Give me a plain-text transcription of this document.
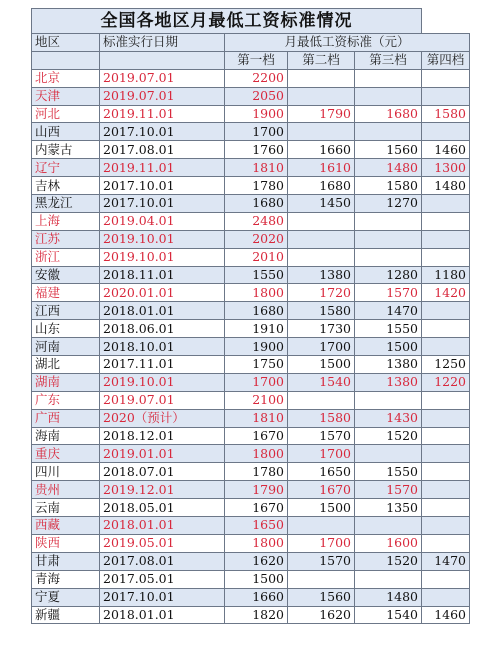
全国各地区月最低工资标准情况					
地区	标准实行日期	月最低工资标准（元）			
		第一档	第二档	第三档	第四档
北京	2019.07.01	2200			
天津	2019.07.01	2050			
河北	2019.11.01	1900	1790	1680	1580
山西	2017.10.01	1700			
内蒙古	2017.08.01	1760	1660	1560	1460
辽宁	2019.11.01	1810	1610	1480	1300
吉林	2017.10.01	1780	1680	1580	1480
黑龙江	2017.10.01	1680	1450	1270	
上海	2019.04.01	2480			
江苏	2019.10.01	2020			
浙江	2019.10.01	2010			
安徽	2018.11.01	1550	1380	1280	1180
福建	2020.01.01	1800	1720	1570	1420
江西	2018.01.01	1680	1580	1470	
山东	2018.06.01	1910	1730	1550	
河南	2018.10.01	1900	1700	1500	
湖北	2017.11.01	1750	1500	1380	1250
湖南	2019.10.01	1700	1540	1380	1220
广东	2019.07.01	2100			
广西	2020（预计）	1810	1580	1430	
海南	2018.12.01	1670	1570	1520	
重庆	2019.01.01	1800	1700		
四川	2018.07.01	1780	1650	1550	
贵州	2019.12.01	1790	1670	1570	
云南	2018.05.01	1670	1500	1350	
西藏	2018.01.01	1650			
陕西	2019.05.01	1800	1700	1600	
甘肃	2017.08.01	1620	1570	1520	1470
青海	2017.05.01	1500			
宁夏	2017.10.01	1660	1560	1480	
新疆	2018.01.01	1820	1620	1540	1460
